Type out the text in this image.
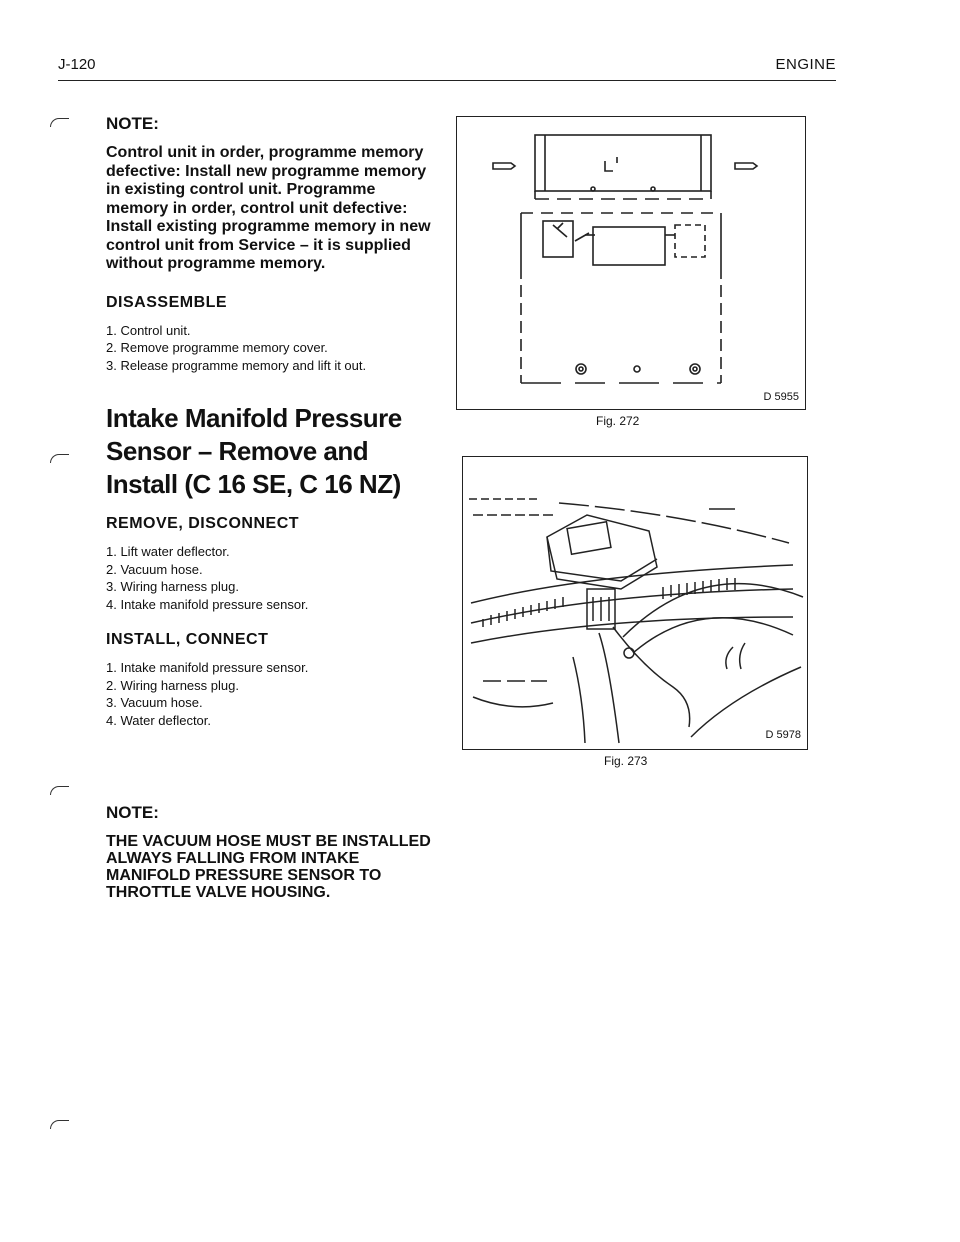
J-120	ENGINE

NOTE:

Control unit in order, programme memory defective: Install new programme memory in existing control unit. Programme memory in order, control unit defective: Install existing programme memory in new control unit from Service – it is supplied without programme memory.

DISASSEMBLE

1. Control unit.
2. Remove programme memory cover.
3. Release programme memory and lift it out.
Intake Manifold Pressure Sensor – Remove and Install (C 16 SE, C 16 NZ)

REMOVE, DISCONNECT

1. Lift water deflector.
2. Vacuum hose.
3. Wiring harness plug.
4. Intake manifold pressure sensor.

INSTALL, CONNECT

1. Intake manifold pressure sensor.
2. Wiring harness plug.
3. Vacuum hose.
4. Water deflector.

NOTE:

THE VACUUM HOSE MUST BE INSTALLED ALWAYS FALLING FROM INTAKE MANIFOLD PRESSURE SENSOR TO THROTTLE VALVE HOUSING.

D 5955
Fig. 272
D 5978
Fig. 273
